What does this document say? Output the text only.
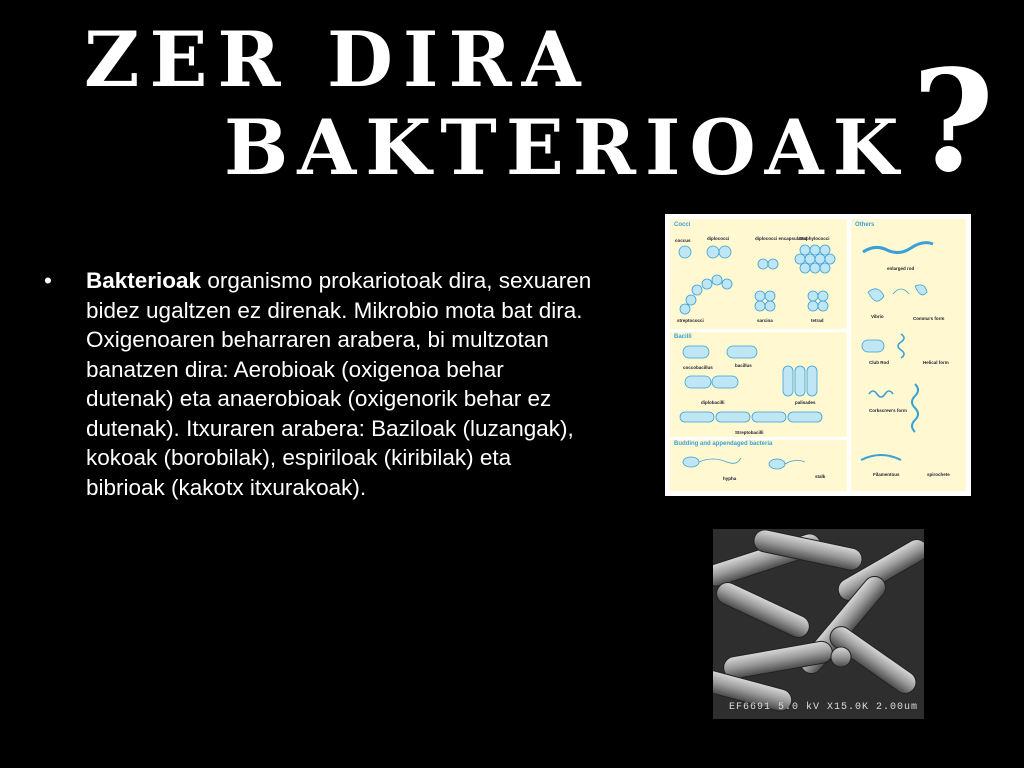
ZER DIRA
BAKTERIOAK ?
•	Bakterioak organismo prokariotoak dira, sexuaren bidez ugaltzen ez direnak. Mikrobio mota bat dira. Oxigenoaren beharraren arabera, bi multzotan banatzen dira: Aerobioak (oxigenoa behar dutenak) eta anaerobioak (oxigenorik behar ez dutenak). Itxuraren arabera: Baziloak (luzangak), kokoak (borobilak), espiriloak (kiribilak) eta bibrioak (kakotx itxurakoak).

Cocci	Others
Bacilli
Budding and appendaged bacteria
coccus	diplococci	diplococci encapsulated
Staphylococci
streptococci	sarcina	tetrad
coccobacillus	bacillus
diplobacilli	palisades
Streptobacilli
hypha	stalk
enlarged rod
Vibrio	Comma's form
Club Rod	Helical form
Corkscrew's form
Filamentous	spirochete
EF6691 5.0 kV X15.0K 2.00um
